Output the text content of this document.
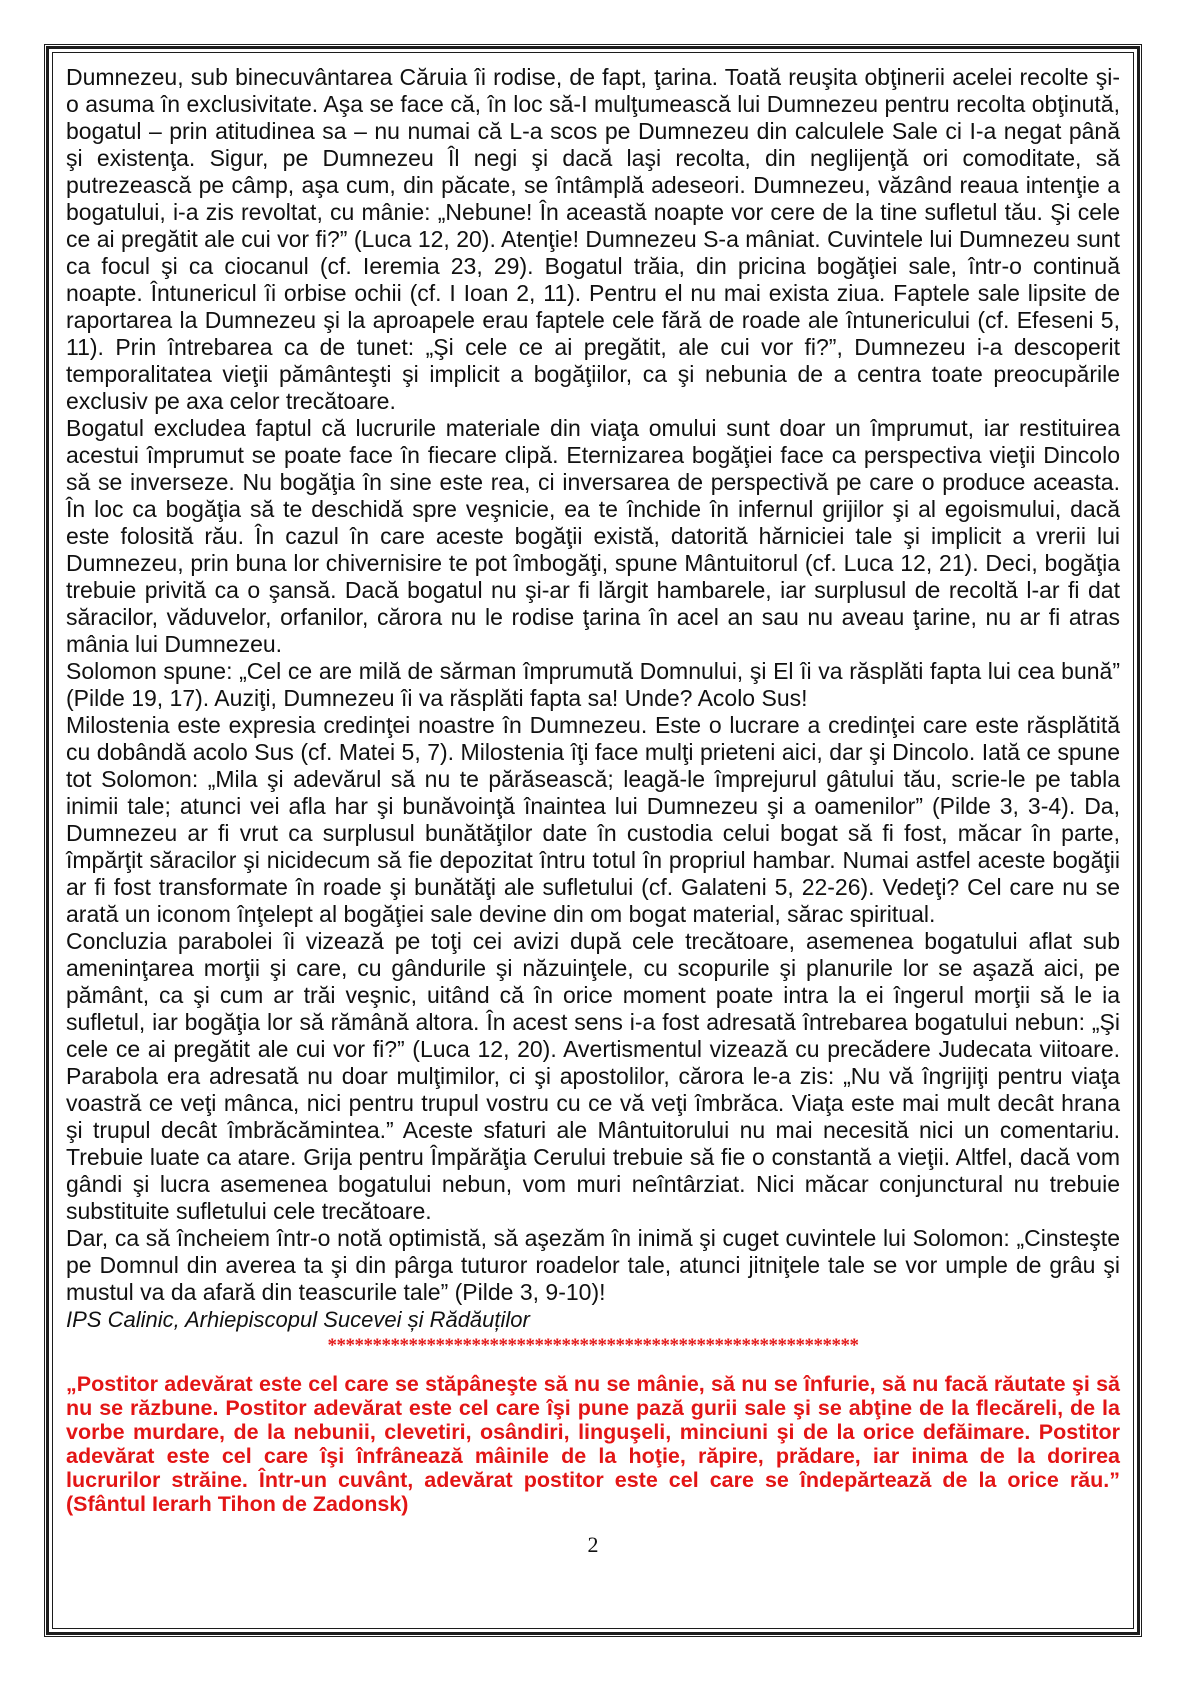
Dumnezeu, sub binecuvântarea Căruia îi rodise, de fapt, ţarina. Toată reuşita obţinerii acelei recolte şi-o asuma în exclusivitate. Aşa se face că, în loc să-I mulţumească lui Dumnezeu pentru recolta obţinută, bogatul – prin atitudinea sa – nu numai că L-a scos pe Dumnezeu din calculele Sale ci I-a negat până şi existenţa. Sigur, pe Dumnezeu Îl negi şi dacă laşi recolta, din neglijenţă ori comoditate, să putrezească pe câmp, aşa cum, din păcate, se întâmplă adeseori. Dumnezeu, văzând reaua intenţie a bogatului, i-a zis revoltat, cu mânie: „Nebune! În această noapte vor cere de la tine sufletul tău. Şi cele ce ai pregătit ale cui vor fi?” (Luca 12, 20). Atenţie! Dumnezeu S-a mâniat. Cuvintele lui Dumnezeu sunt ca focul şi ca ciocanul (cf. Ieremia 23, 29). Bogatul trăia, din pricina bogăţiei sale, într-o continuă noapte. Întunericul îi orbise ochii (cf. I Ioan 2, 11). Pentru el nu mai exista ziua. Faptele sale lipsite de raportarea la Dumnezeu şi la aproapele erau faptele cele fără de roade ale întunericului (cf. Efeseni 5, 11). Prin întrebarea ca de tunet: „Şi cele ce ai pregătit, ale cui vor fi?”, Dumnezeu i-a descoperit temporalitatea vieţii pământeşti şi implicit a bogăţiilor, ca şi nebunia de a centra toate preocupările exclusiv pe axa celor trecătoare.

Bogatul excludea faptul că lucrurile materiale din viaţa omului sunt doar un împrumut, iar restituirea acestui împrumut se poate face în fiecare clipă. Eternizarea bogăţiei face ca perspectiva vieţii Dincolo să se inverseze. Nu bogăţia în sine este rea, ci inversarea de perspectivă pe care o produce aceasta. În loc ca bogăţia să te deschidă spre veşnicie, ea te închide în infernul grijilor şi al egoismului, dacă este folosită rău. În cazul în care aceste bogăţii există, datorită hărniciei tale şi implicit a vrerii lui Dumnezeu, prin buna lor chivernisire te pot îmbogăţi, spune Mântuitorul (cf. Luca 12, 21). Deci, bogăţia trebuie privită ca o şansă. Dacă bogatul nu şi-ar fi lărgit hambarele, iar surplusul de recoltă l-ar fi dat săracilor, văduvelor, orfanilor, cărora nu le rodise ţarina în acel an sau nu aveau ţarine, nu ar fi atras mânia lui Dumnezeu.

Solomon spune: „Cel ce are milă de sărman împrumută Domnului, şi El îi va răsplăti fapta lui cea bună” (Pilde 19, 17). Auziţi, Dumnezeu îi va răsplăti fapta sa! Unde? Acolo Sus!

Milostenia este expresia credinţei noastre în Dumnezeu. Este o lucrare a credinţei care este răsplătită cu dobândă acolo Sus (cf. Matei 5, 7). Milostenia îţi face mulţi prieteni aici, dar şi Dincolo. Iată ce spune tot Solomon: „Mila şi adevărul să nu te părăsească; leagă-le împrejurul gâtului tău, scrie-le pe tabla inimii tale; atunci vei afla har şi bunăvoinţă înaintea lui Dumnezeu şi a oamenilor” (Pilde 3, 3-4). Da, Dumnezeu ar fi vrut ca surplusul bunătăţilor date în custodia celui bogat să fi fost, măcar în parte, împărţit săracilor şi nicidecum să fie depozitat întru totul în propriul hambar. Numai astfel aceste bogăţii ar fi fost transformate în roade şi bunătăţi ale sufletului (cf. Galateni 5, 22-26). Vedeţi? Cel care nu se arată un iconom înţelept al bogăţiei sale devine din om bogat material, sărac spiritual.

Concluzia parabolei îi vizează pe toţi cei avizi după cele trecătoare, asemenea bogatului aflat sub ameninţarea morţii şi care, cu gândurile şi năzuinţele, cu scopurile şi planurile lor se aşază aici, pe pământ, ca şi cum ar trăi veşnic, uitând că în orice moment poate intra la ei îngerul morţii să le ia sufletul, iar bogăţia lor să rămână altora. În acest sens i-a fost adresată întrebarea bogatului nebun: „Şi cele ce ai pregătit ale cui vor fi?” (Luca 12, 20). Avertismentul vizează cu precădere Judecata viitoare. Parabola era adresată nu doar mulţimilor, ci şi apostolilor, cărora le-a zis: „Nu vă îngrijiţi pentru viaţa voastră ce veţi mânca, nici pentru trupul vostru cu ce vă veţi îmbrăca. Viaţa este mai mult decât hrana şi trupul decât îmbrăcămintea.” Aceste sfaturi ale Mântuitorului nu mai necesită nici un comentariu. Trebuie luate ca atare. Grija pentru Împărăţia Cerului trebuie să fie o constantă a vieţii. Altfel, dacă vom gândi şi lucra asemenea bogatului nebun, vom muri neîntârziat. Nici măcar conjunctural nu trebuie substituite sufletului cele trecătoare.

Dar, ca să încheiem într-o notă optimistă, să aşezăm în inimă şi cuget cuvintele lui Solomon: „Cinsteşte pe Domnul din averea ta şi din pârga tuturor roadelor tale, atunci jitniţele tale se vor umple de grâu şi mustul va da afară din teascurile tale” (Pilde 3, 9-10)!

IPS Calinic, Arhiepiscopul Sucevei și Rădăuților

***********************************************************

„Postitor adevărat este cel care se stăpâneşte să nu se mânie, să nu se înfurie, să nu facă răutate şi să nu se răzbune. Postitor adevărat este cel care îşi pune pază gurii sale şi se abţine de la flecăreli, de la vorbe murdare, de la nebunii, clevetiri, osândiri, linguşeli, minciuni şi de la orice defăimare. Postitor adevărat este cel care îşi înfrânează mâinile de la hoţie, răpire, prădare, iar inima de la dorirea lucrurilor străine. Într-un cuvânt, adevărat postitor este cel care se îndepărtează de la orice rău.” (Sfântul Ierarh Tihon de Zadonsk)

2
